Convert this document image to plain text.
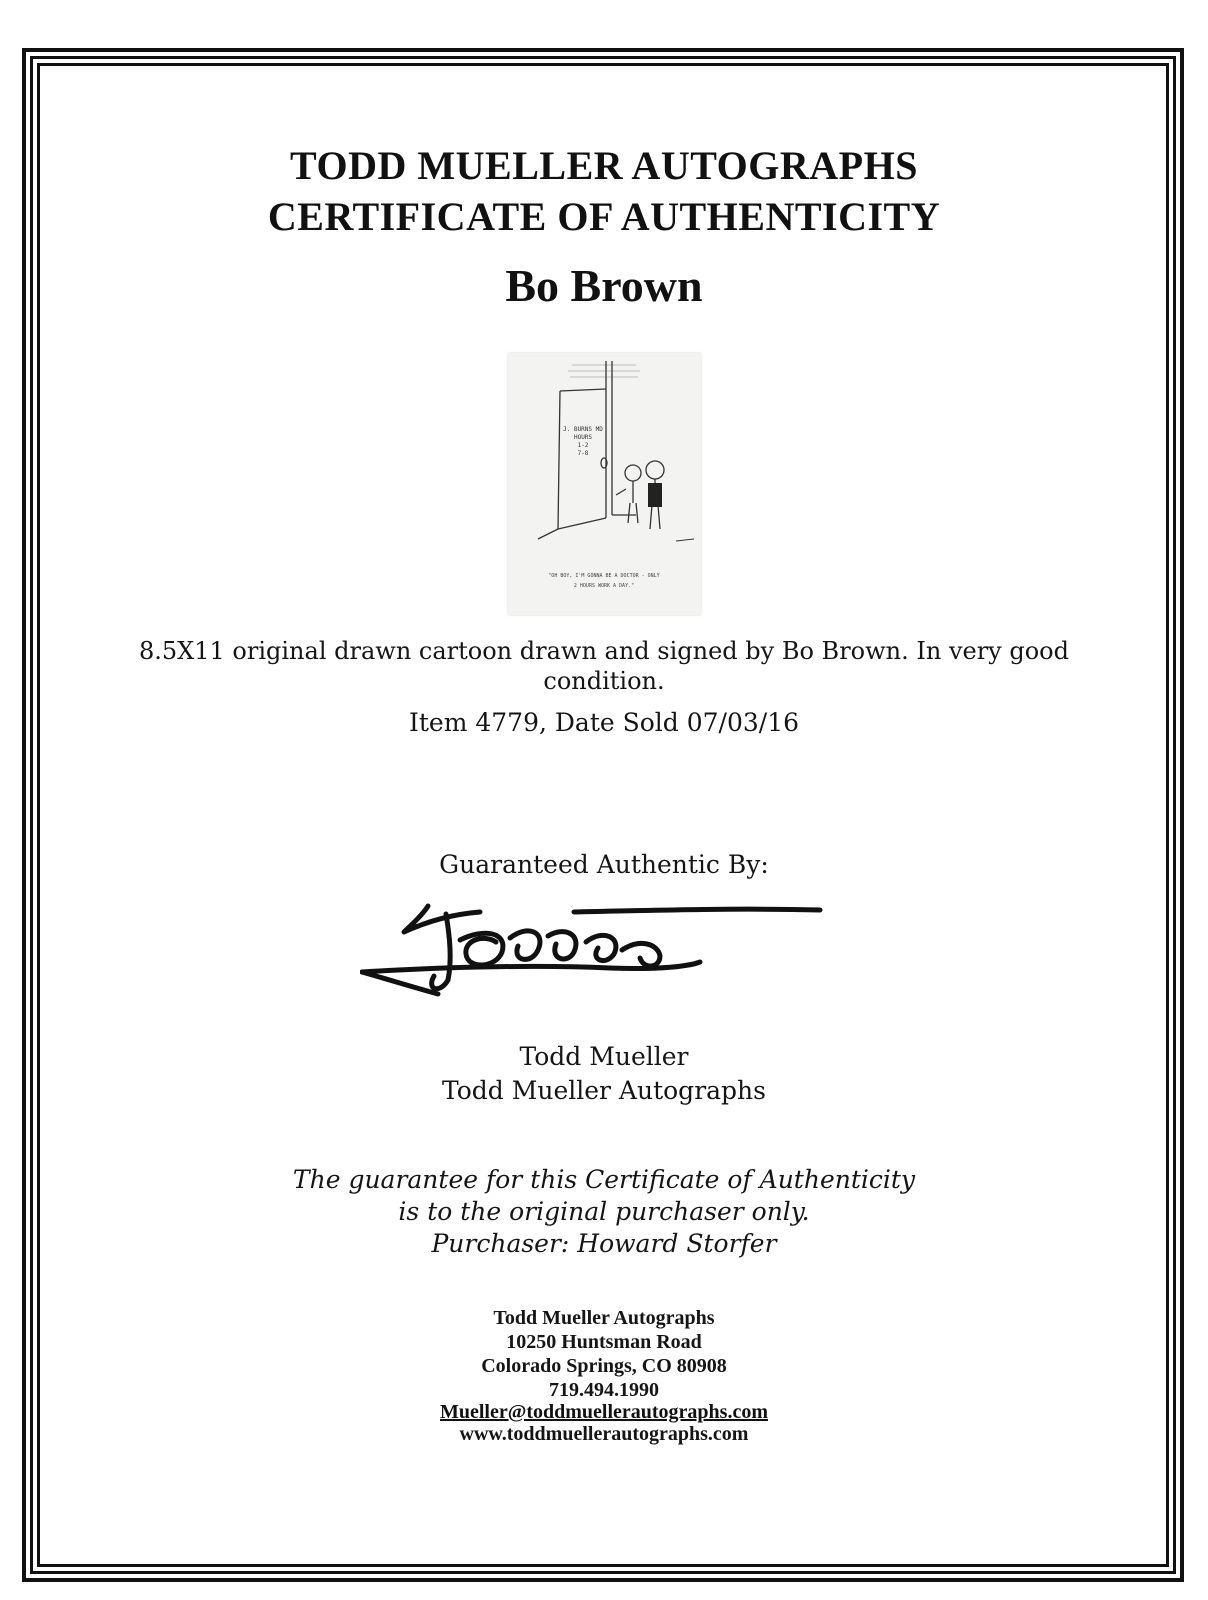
TODD MUELLER AUTOGRAPHS
CERTIFICATE OF AUTHENTICITY
Bo Brown
J. BURNS MD
HOURS
1-2
7-8
"OH BOY, I'M GONNA BE A DOCTOR - ONLY
2 HOURS WORK A DAY."
8.5X11 original drawn cartoon drawn and signed by Bo Brown. In very good
condition.
Item 4779, Date Sold 07/03/16
Guaranteed Authentic By:
Todd Mueller
Todd Mueller Autographs
The guarantee for this Certificate of Authenticity
is to the original purchaser only.
Purchaser: Howard Storfer
Todd Mueller Autographs
10250 Huntsman Road
Colorado Springs, CO 80908
719.494.1990
Mueller@toddmuellerautographs.com
www.toddmuellerautographs.com
